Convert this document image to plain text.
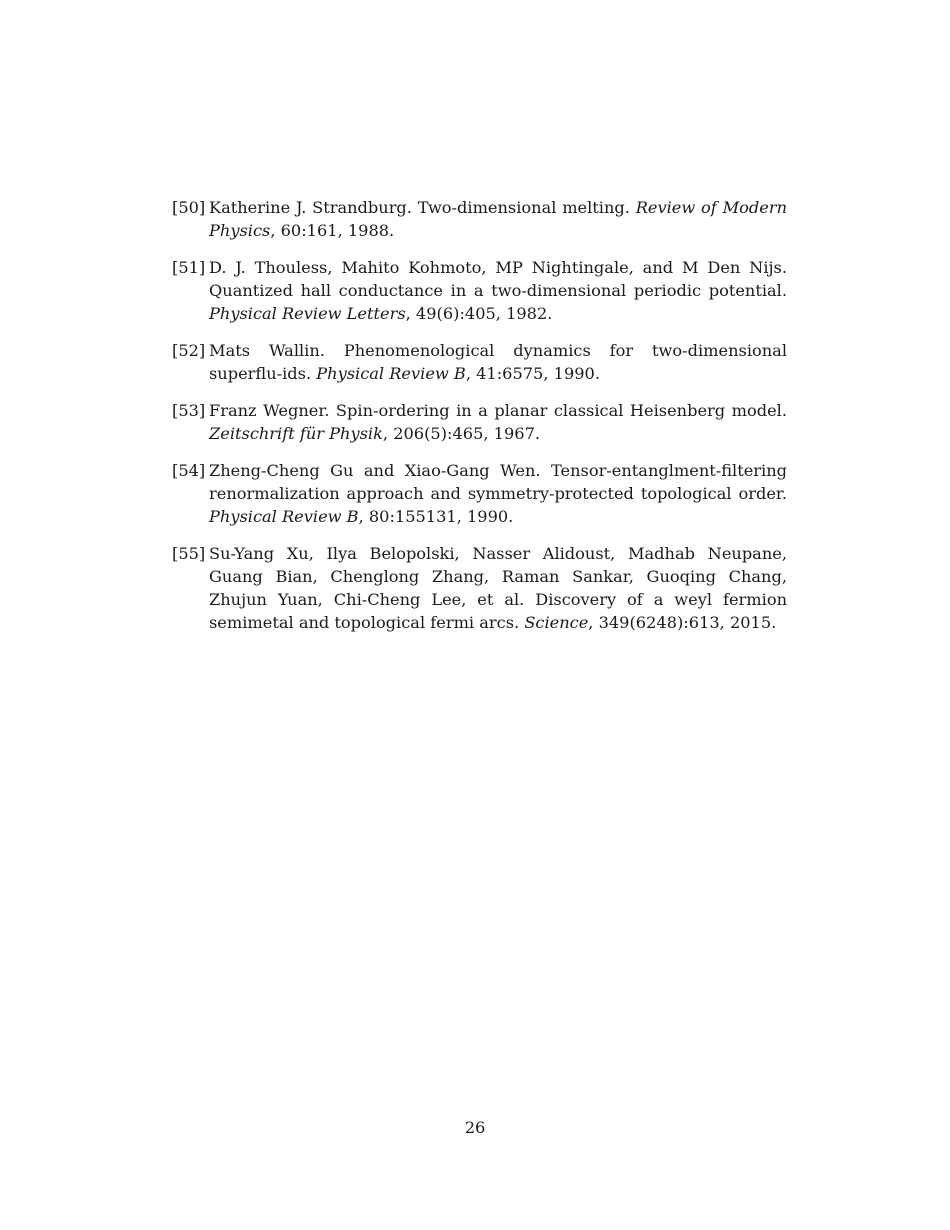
[50] Katherine J. Strandburg. Two-dimensional melting. Review of Modern Physics, 60:161, 1988.
[51] D. J. Thouless, Mahito Kohmoto, MP Nightingale, and M Den Nijs. Quantized hall conductance in a two-dimensional periodic potential. Physical Review Letters, 49(6):405, 1982.
[52] Mats Wallin. Phenomenological dynamics for two-dimensional superflu-ids. Physical Review B, 41:6575, 1990.
[53] Franz Wegner. Spin-ordering in a planar classical Heisenberg model. Zeitschrift für Physik, 206(5):465, 1967.
[54] Zheng-Cheng Gu and Xiao-Gang Wen. Tensor-entanglment-filtering renormalization approach and symmetry-protected topological order. Physical Review B, 80:155131, 1990.
[55] Su-Yang Xu, Ilya Belopolski, Nasser Alidoust, Madhab Neupane, Guang Bian, Chenglong Zhang, Raman Sankar, Guoqing Chang, Zhujun Yuan, Chi-Cheng Lee, et al. Discovery of a weyl fermion semimetal and topological fermi arcs. Science, 349(6248):613, 2015.
26
